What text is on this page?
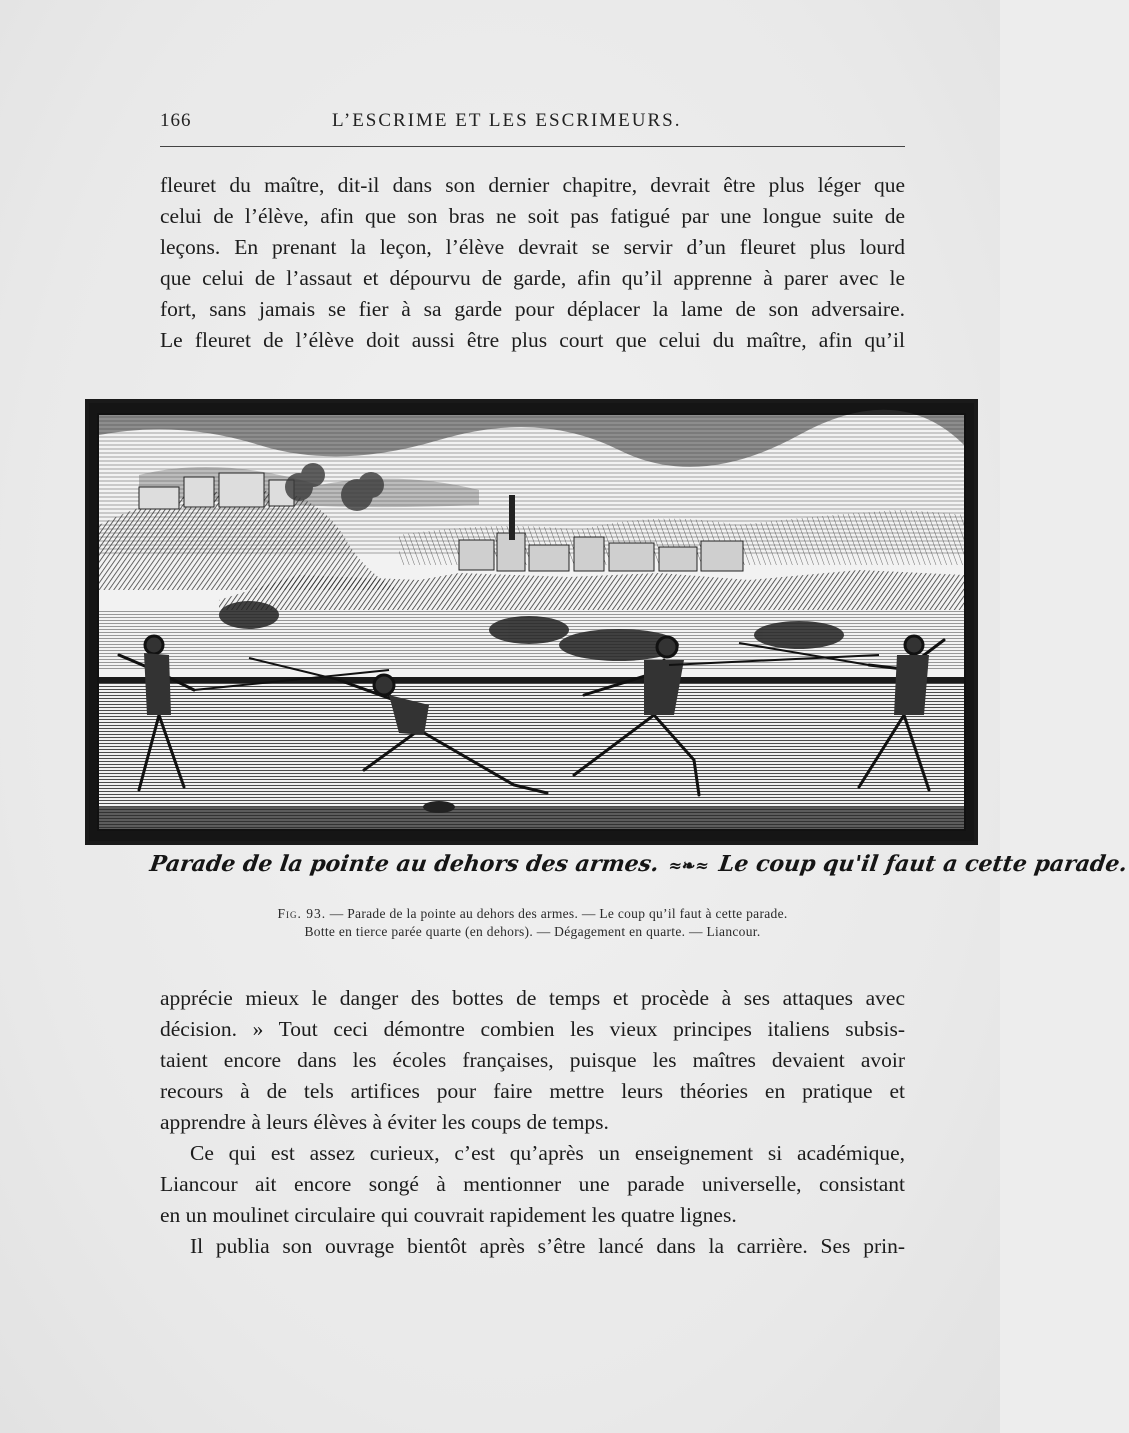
166	L’ESCRIME ET LES ESCRIMEURS.
fleuret du maître, dit-il dans son dernier chapitre, devrait être plus léger que
celui de l’élève, afin que son bras ne soit pas fatigué par une longue suite de
leçons. En prenant la leçon, l’élève devrait se servir d’un fleuret plus lourd
que celui de l’assaut et dépourvu de garde, afin qu’il apprenne à parer avec le
fort, sans jamais se fier à sa garde pour déplacer la lame de son adversaire.
Le fleuret de l’élève doit aussi être plus court que celui du maître, afin qu’il
Parade de la pointe au dehors des armes. ≈❧≈ Le coup qu'il faut a cette parade.
Fig. 93. — Parade de la pointe au dehors des armes. — Le coup qu’il faut à cette parade.
Botte en tierce parée quarte (en dehors). — Dégagement en quarte. — Liancour.
apprécie mieux le danger des bottes de temps et procède à ses attaques avec
décision. » Tout ceci démontre combien les vieux principes italiens subsis-
taient encore dans les écoles françaises, puisque les maîtres devaient avoir
recours à de tels artifices pour faire mettre leurs théories en pratique et
apprendre à leurs élèves à éviter les coups de temps.
Ce qui est assez curieux, c’est qu’après un enseignement si académique,
Liancour ait encore songé à mentionner une parade universelle, consistant
en un moulinet circulaire qui couvrait rapidement les quatre lignes.
Il publia son ouvrage bientôt après s’être lancé dans la carrière. Ses prin-
